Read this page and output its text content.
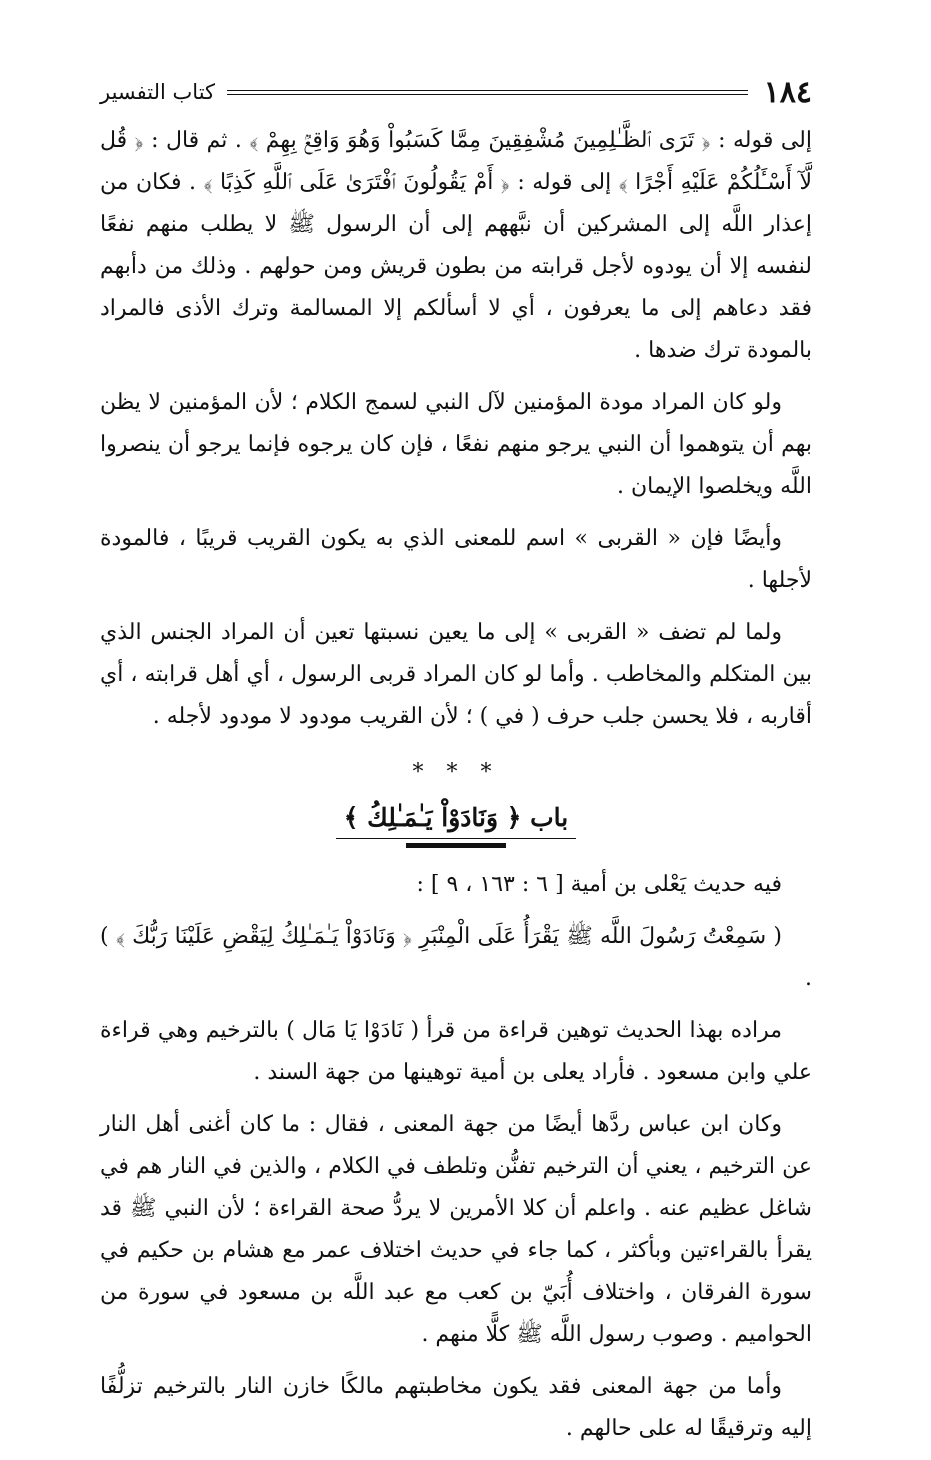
١٨٤
كتاب التفسير

إلى قوله : ﴿ تَرَى ٱلظَّـٰلِمِينَ مُشْفِقِينَ مِمَّا كَسَبُواْ وَهُوَ وَاقِعُۢ بِهِمْ ﴾ . ثم قال : ﴿ قُل لَّآ أَسْـَٔلُكُمْ عَلَيْهِ أَجْرًا ﴾ إلى قوله : ﴿ أَمْ يَقُولُونَ ٱفْتَرَىٰ عَلَى ٱللَّهِ كَذِبًا ﴾ . فكان من إعذار اللَّه إلى المشركين أن نبَّههم إلى أن الرسول ﷺ لا يطلب منهم نفعًا لنفسه إلا أن يودوه لأجل قرابته من بطون قريش ومن حولهم . وذلك من دأبهم فقد دعاهم إلى ما يعرفون ، أي لا أسألكم إلا المسالمة وترك الأذى فالمراد بالمودة ترك ضدها .

ولو كان المراد مودة المؤمنين لآل النبي لسمج الكلام ؛ لأن المؤمنين لا يظن بهم أن يتوهموا أن النبي يرجو منهم نفعًا ، فإن كان يرجوه فإنما يرجو أن ينصروا اللَّه ويخلصوا الإيمان .

وأيضًا فإن « القربى » اسم للمعنى الذي به يكون القريب قريبًا ، فالمودة لأجلها .

ولما لم تضف « القربى » إلى ما يعين نسبتها تعين أن المراد الجنس الذي بين المتكلم والمخاطب . وأما لو كان المراد قربى الرسول ، أي أهل قرابته ، أي أقاربه ، فلا يحسن جلب حرف ( في ) ؛ لأن القريب مودود لا مودود لأجله .

* * *
باب ﴿ وَنَادَوْاْ يَـٰمَـٰلِكُ ﴾

فيه حديث يَعْلى بن أمية [ ٦ : ١٦٣ ، ٩ ] :

( سَمِعْتُ رَسُولَ اللَّه ﷺ يَقْرَأُ عَلَى الْمِنْبَرِ ﴿ وَنَادَوْاْ يَـٰمَـٰلِكُ لِيَقْضِ عَلَيْنَا رَبُّكَ ﴾ ) .

مراده بهذا الحديث توهين قراءة من قرأ ( نَادَوْا يَا مَال ) بالترخيم وهي قراءة علي وابن مسعود . فأراد يعلى بن أمية توهينها من جهة السند .

وكان ابن عباس ردَّها أيضًا من جهة المعنى ، فقال : ما كان أغنى أهل النار عن الترخيم ، يعني أن الترخيم تفنُّن وتلطف في الكلام ، والذين في النار هم في شاغل عظيم عنه . واعلم أن كلا الأمرين لا يردُّ صحة القراءة ؛ لأن النبي ﷺ قد يقرأ بالقراءتين وبأكثر ، كما جاء في حديث اختلاف عمر مع هشام بن حكيم في سورة الفرقان ، واختلاف أُبَيّ بن كعب مع عبد اللَّه بن مسعود في سورة من الحواميم . وصوب رسول اللَّه ﷺ كلًّا منهم .

وأما من جهة المعنى فقد يكون مخاطبتهم مالكًا خازن النار بالترخيم تزلُّفًا إليه وترقيقًا له على حالهم .
